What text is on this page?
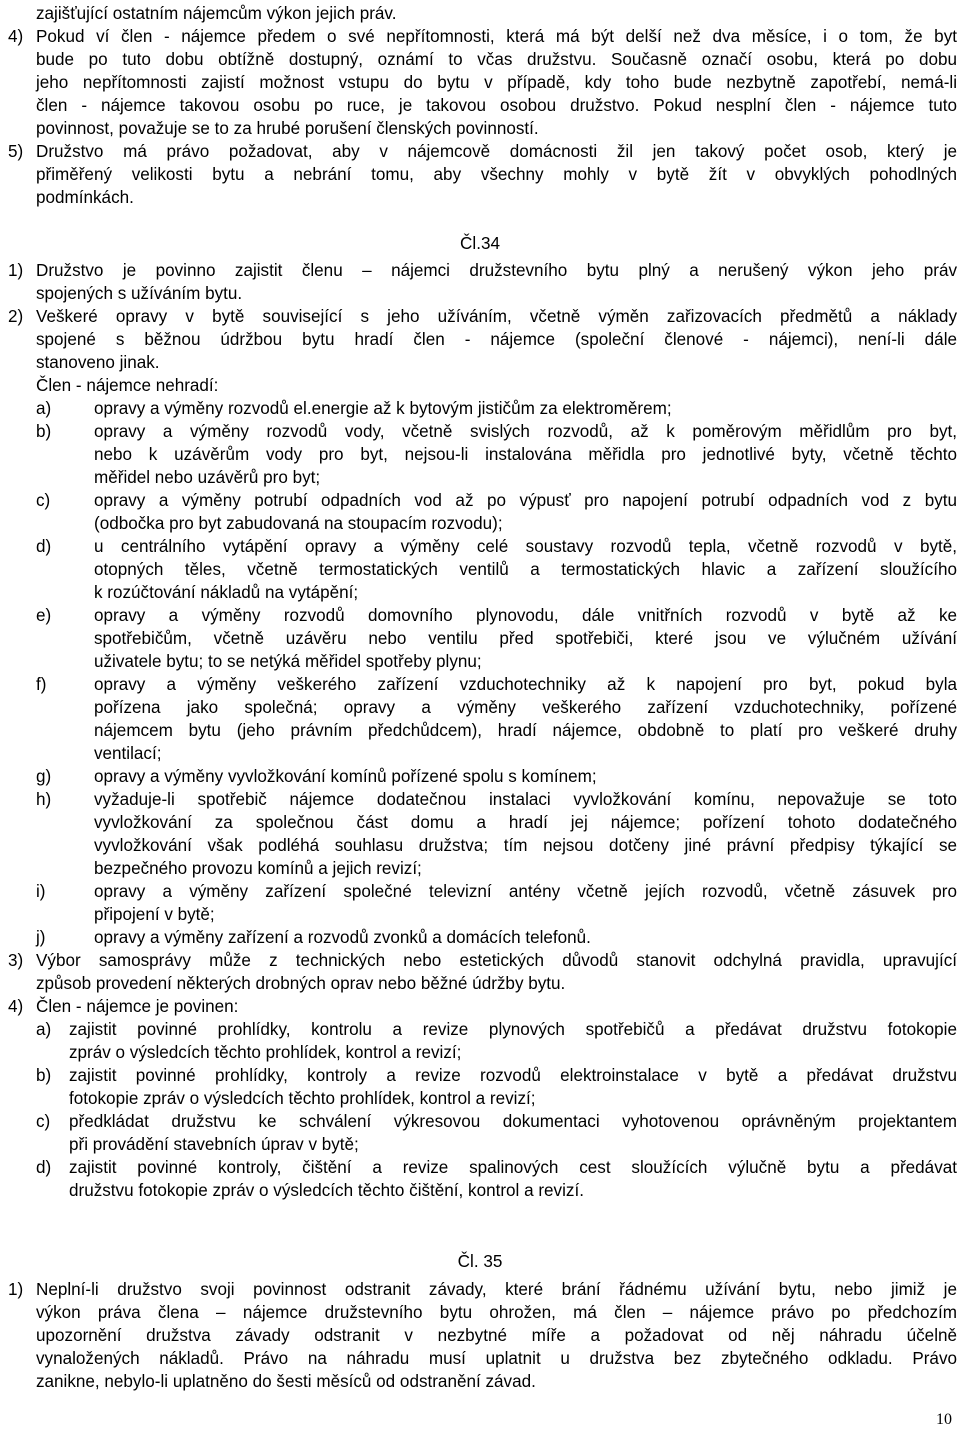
zajišťující ostatním nájemcům výkon jejich práv.

4) Pokud ví člen - nájemce předem o své nepřítomnosti, která má být delší než dva měsíce, i o tom, že byt

bude po tuto dobu obtížně dostupný, oznámí to včas družstvu. Současně označí osobu, která po dobu

jeho nepřítomnosti zajistí možnost vstupu do bytu v případě, kdy toho bude nezbytně zapotřebí, nemá-li

člen - nájemce takovou osobu po ruce, je takovou osobou družstvo. Pokud nesplní člen - nájemce tuto

povinnost, považuje se to za hrubé porušení členských povinností.

5) Družstvo má právo požadovat, aby v nájemcově domácnosti žil jen takový počet osob, který je

přiměřený velikosti bytu a nebrání tomu, aby všechny mohly v bytě žít v obvyklých pohodlných

podmínkách.

Čl.34

1) Družstvo je povinno zajistit členu – nájemci družstevního bytu plný a nerušený výkon jeho práv

spojených s užíváním bytu.

2) Veškeré opravy v bytě související s jeho užíváním, včetně výměn zařizovacích předmětů a náklady

spojené s běžnou údržbou bytu hradí člen - nájemce (společní členové - nájemci), není-li dále

stanoveno jinak.

Člen - nájemce nehradí:

a)	opravy a výměny rozvodů el.energie až k bytovým jističům za elektroměrem;

b)	opravy a výměny rozvodů vody, včetně svislých rozvodů, až k poměrovým měřidlům pro byt,

nebo k uzávěrům vody pro byt, nejsou-li instalována měřidla pro jednotlivé byty, včetně těchto

měřidel nebo uzávěrů pro byt;

c)	opravy a výměny potrubí odpadních vod až po výpusť pro napojení potrubí odpadních vod z bytu

(odbočka pro byt zabudovaná na stoupacím rozvodu);

d)	u centrálního vytápění opravy a výměny celé soustavy rozvodů tepla, včetně rozvodů v bytě,

otopných těles, včetně termostatických ventilů a termostatických hlavic a zařízení sloužícího

k rozúčtování nákladů na vytápění;

e)	opravy a výměny rozvodů domovního plynovodu, dále vnitřních rozvodů v bytě až ke

spotřebičům, včetně uzávěru nebo ventilu před spotřebiči, které jsou ve výlučném užívání

uživatele bytu; to se netýká měřidel spotřeby plynu;

f)	opravy a výměny veškerého zařízení vzduchotechniky až k napojení pro byt, pokud byla

pořízena jako společná; opravy a výměny veškerého zařízení vzduchotechniky, pořízené

nájemcem bytu (jeho právním předchůdcem), hradí nájemce, obdobně to platí pro veškeré druhy

ventilací;

g)	opravy a výměny vyvložkování komínů pořízené spolu s komínem;

h)	vyžaduje-li spotřebič nájemce dodatečnou instalaci vyvložkování komínu, nepovažuje se toto

vyvložkování za společnou část domu a hradí jej nájemce; pořízení tohoto dodatečného

vyvložkování však podléhá souhlasu družstva; tím nejsou dotčeny jiné právní předpisy týkající se

bezpečného provozu komínů a jejich revizí;

i)	opravy a výměny zařízení společné televizní antény včetně jejích rozvodů, včetně zásuvek pro

připojení v bytě;

j)	opravy a výměny zařízení a rozvodů zvonků a domácích telefonů.

3) Výbor samosprávy může z technických nebo estetických důvodů stanovit odchylná pravidla, upravující

způsob provedení některých drobných oprav nebo běžné údržby bytu.

4) Člen - nájemce je povinen:

a) zajistit povinné prohlídky, kontrolu a revize plynových spotřebičů a předávat družstvu fotokopie

zpráv o výsledcích těchto prohlídek, kontrol a revizí;

b) zajistit povinné prohlídky, kontroly a revize rozvodů elektroinstalace v bytě a předávat družstvu

fotokopie zpráv o výsledcích těchto prohlídek, kontrol a revizí;

c) předkládat družstvu ke schválení výkresovou dokumentaci vyhotovenou oprávněným projektantem

při provádění stavebních úprav v bytě;

d) zajistit povinné kontroly, čištění a revize spalinových cest sloužících výlučně bytu a předávat

družstvu fotokopie zpráv o výsledcích těchto čištění, kontrol a revizí.

Čl. 35

1) Neplní-li družstvo svoji povinnost odstranit závady, které brání řádnému užívání bytu, nebo jimiž je

výkon práva člena – nájemce družstevního bytu ohrožen, má člen – nájemce právo po předchozím

upozornění družstva závady odstranit v nezbytné míře a požadovat od něj náhradu účelně

vynaložených nákladů. Právo na náhradu musí uplatnit u družstva bez zbytečného odkladu. Právo

zanikne, nebylo-li uplatněno do šesti měsíců od odstranění závad.

10
